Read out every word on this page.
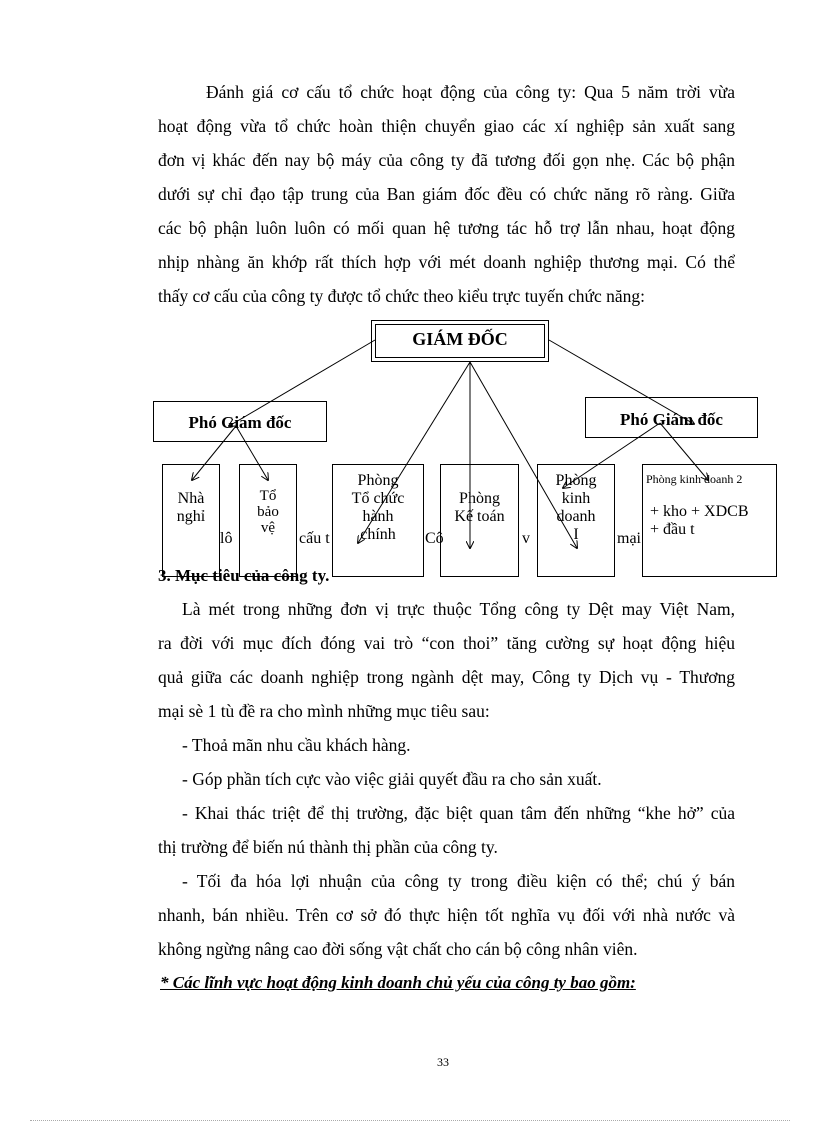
Đánh giá cơ cấu tổ chức hoạt động của công ty: Qua 5 năm trời vừa

hoạt động vừa tổ chức hoàn thiện chuyển giao các xí nghiệp sản xuất sang

đơn vị khác đến nay bộ máy của công ty đã tương đối gọn nhẹ. Các bộ phận

dưới sự chỉ đạo tập trung của Ban giám đốc đều có chức năng rõ ràng. Giữa

các bộ phận luôn luôn có mối quan hệ tương tác hỗ trợ lẫn nhau, hoạt động

nhịp nhàng ăn khớp rất thích hợp với mét doanh nghiệp thương mại. Có thể

thấy cơ cấu của công ty được tổ chức theo kiểu trực tuyến chức năng:

GIÁM ĐỐC
Phó Giám đốc	Phó Giám đốc
Nhà
nghỉ
Tổ
bảo
vệ
Phòng
Tổ chức
hành
chính
Phòng
Kế toán
Phòng
kinh
doanh
I
Phòng kinh doanh 2
+ kho + XDCB
+ đầu t
lô	cấu t	Cô	v	mại
3. Mục tiêu của công ty.

Là mét trong những đơn vị trực thuộc Tổng công ty Dệt may Việt Nam,

ra đời với mục đích đóng vai trò “con thoi” tăng cường sự hoạt động hiệu

quả giữa các doanh nghiệp trong ngành dệt may, Công ty Dịch vụ - Thương

mại sè 1 tù đề ra cho mình những mục tiêu sau:

- Thoả mãn nhu cầu khách hàng.

- Góp phần tích cực vào việc giải quyết đầu ra cho sản xuất.

- Khai thác triệt để thị trường, đặc biệt quan tâm đến những “khe hở” của

thị trường để biến nú thành thị phần của công ty.

- Tối đa hóa lợi nhuận của công ty trong điều kiện có thể; chú ý bán

nhanh, bán nhiều. Trên cơ sở đó thực hiện tốt nghĩa vụ đối với nhà nước và

không ngừng nâng cao đời sống vật chất cho cán bộ công nhân viên.

* Các lĩnh vực hoạt động kinh doanh chủ yếu của công ty bao gồm:

33
